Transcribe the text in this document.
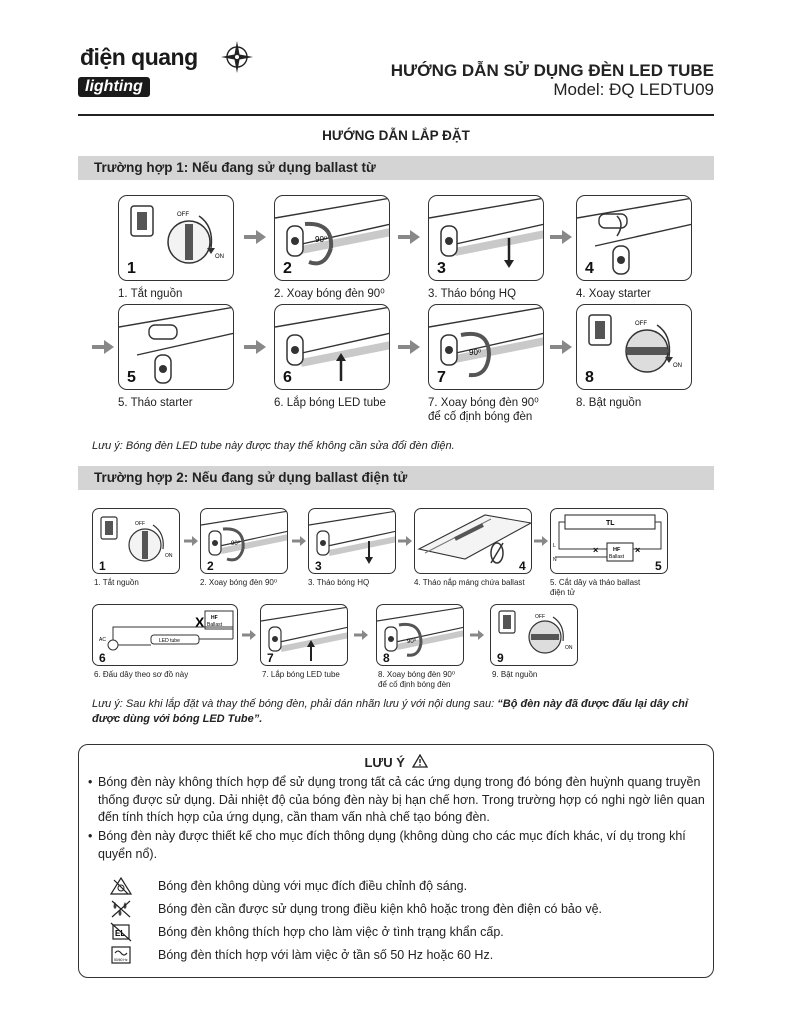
điện quang
lighting
HƯỚNG DẪN SỬ DỤNG ĐÈN LED TUBE
Model: ĐQ LEDTU09
HƯỚNG DẪN LẮP ĐẶT
Trường hợp 1: Nếu đang sử dụng ballast từ
OFF
ON
1
1. Tắt nguồn
90⁰
2
2. Xoay bóng đèn 90⁰
3
3. Tháo bóng HQ
4
4. Xoay starter
5
5. Tháo starter
6
6. Lắp bóng LED tube
90⁰
7
7. Xoay bóng đèn 90⁰
để cố định bóng đèn
OFF
ON
8
8. Bật nguồn
Lưu ý: Bóng đèn LED tube này được thay thế không cần sửa đổi đèn điện.
Trường hợp 2: Nếu đang sử dụng ballast điện tử
OFF
ON
1
1. Tắt nguồn
90⁰
2
2. Xoay bóng đèn 90⁰
3
3. Tháo bóng HQ
4
4. Tháo nắp máng chứa ballast
TL
HF
Ballast
L
N
×	×
5
5. Cắt dây và tháo ballast
điện tử
HF
Ballast
X
LED tube
AC
6
6. Đấu dây theo sơ đồ này
7
7. Lắp bóng LED tube
90⁰
8
8. Xoay bóng đèn 90⁰
để cố định bóng đèn
OFF
ON
9
9. Bật nguồn
Lưu ý: Sau khi lắp đặt và thay thế bóng đèn, phải dán nhãn lưu ý với nội dung sau: “Bộ đèn này đã được đấu lại dây chỉ được dùng với bóng LED Tube”.
LƯU Ý
• Bóng đèn này không thích hợp để sử dụng trong tất cả các ứng dụng trong đó bóng đèn huỳnh quang truyền thống được sử dụng. Dải nhiệt độ của bóng đèn này bị hạn chế hơn. Trong trường hợp có nghi ngờ liên quan đến tính thích hợp của ứng dụng, cần tham vấn nhà chế tạo bóng đèn.
• Bóng đèn này được thiết kế cho mục đích thông dụng (không dùng cho các mục đích khác, ví dụ trong khí quyển nổ).
Bóng đèn không dùng với mục đích điều chỉnh độ sáng.
Bóng đèn cần được sử dụng trong điều kiện khô hoặc trong đèn điện có bảo vệ.
EL	Bóng đèn không thích hợp cho làm việc ở tình trạng khẩn cấp.
50/60 Hz Bóng đèn thích hợp với làm việc ở tần số 50 Hz hoặc 60 Hz.
